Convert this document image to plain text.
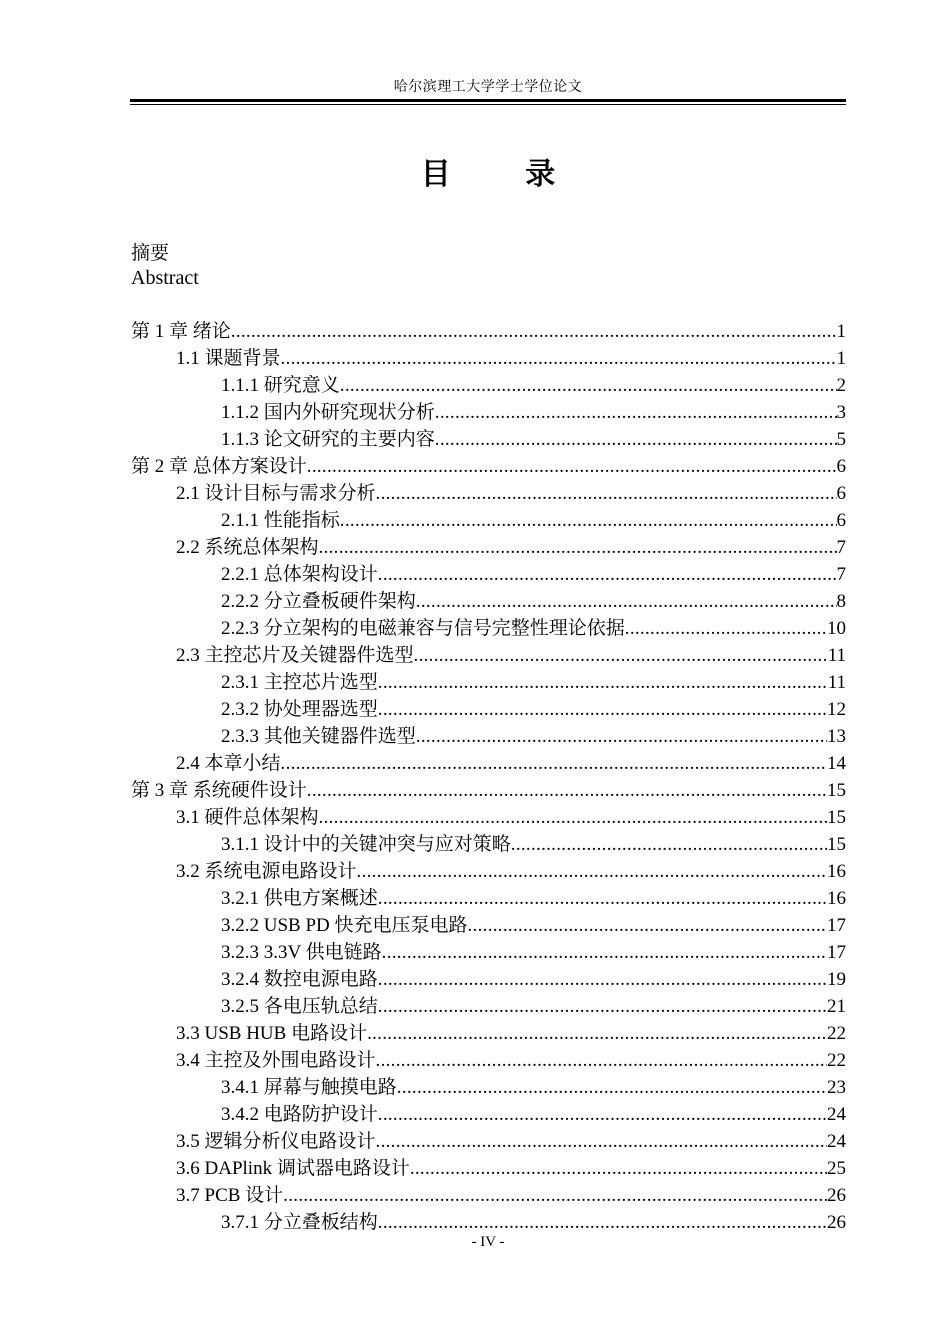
哈尔滨理工大学学士学位论文
目 录
摘要
Abstract
第 1 章 绪论 .....	1
1.1 课题背景 .....	1
1.1.1 研究意义 .....	2
1.1.2 国内外研究现状分析 .....	3
1.1.3 论文研究的主要内容 .....	5
第 2 章 总体方案设计 .....	6
2.1 设计目标与需求分析 .....	6
2.1.1 性能指标 .....	6
2.2 系统总体架构 .....	7
2.2.1 总体架构设计 .....	7
2.2.2 分立叠板硬件架构 .....	8
2.2.3 分立架构的电磁兼容与信号完整性理论依据 .....	10
2.3 主控芯片及关键器件选型 .....	11
2.3.1 主控芯片选型 .....	11
2.3.2 协处理器选型 .....	12
2.3.3 其他关键器件选型 .....	13
2.4 本章小结 .....	14
第 3 章 系统硬件设计 .....	15
3.1 硬件总体架构 .....	15
3.1.1 设计中的关键冲突与应对策略 .....	15
3.2 系统电源电路设计 .....	16
3.2.1 供电方案概述 .....	16
3.2.2 USB PD 快充电压泵电路 .....	17
3.2.3 3.3V 供电链路 .....	17
3.2.4 数控电源电路 .....	19
3.2.5 各电压轨总结 .....	21
3.3 USB HUB 电路设计 .....	22
3.4 主控及外围电路设计 .....	22
3.4.1 屏幕与触摸电路 .....	23
3.4.2 电路防护设计 .....	24
3.5 逻辑分析仪电路设计 .....	24
3.6 DAPlink 调试器电路设计 .....	25
3.7 PCB 设计 .....	26
3.7.1 分立叠板结构 .....	26
- IV -
